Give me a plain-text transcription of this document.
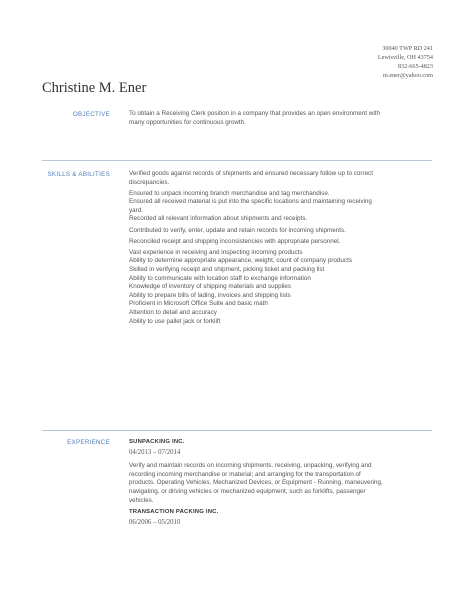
30040 TWP RD 241
Lewisville, OH 43754
832-665-4823
m.ener@yahoo.com
Christine M. Ener
OBJECTIVE	To obtain a Receiving Clerk position in a company that provides an open environment with many opportunities for continuous growth.
SKILLS & ABILITIES	Verified goods against records of shipments and ensured necessary follow up to correct discrepancies.
Ensured to unpack incoming branch merchandise and tag merchandise.
Ensured all received material is put into the specific locations and maintaining receiving yard.
Recorded all relevant information about shipments and receipts.
Contributed to verify, enter, update and retain records for incoming shipments.
Reconciled receipt and shipping inconsistencies with appropriate personnel.
Vast experience in receiving and inspecting incoming products
Ability to determine appropriate appearance, weight, count of company products
Skilled in verifying receipt and shipment, picking ticket and packing list
Ability to communicate with location staff to exchange information
Knowledge of inventory of shipping materials and supplies
Ability to prepare bills of lading, invoices and shipping lists
Proficient in Microsoft Office Suite and basic math
Attention to detail and accuracy
Ability to use pallet jack or forklift
EXPERIENCE	SUNPACKING INC.
04/2013 – 07/2014
Verify and maintain records on incoming shipments. receiving, unpacking, verifying and recording incoming merchandise or material; and arranging for the transportation of products. Operating Vehicles, Mechanized Devices, or Equipment - Running, maneuvering, navigating, or driving vehicles or mechanized equipment, such as forklifts, passenger vehicles.
TRANSACTION PACKING INC.
06/2006 – 05/2010
